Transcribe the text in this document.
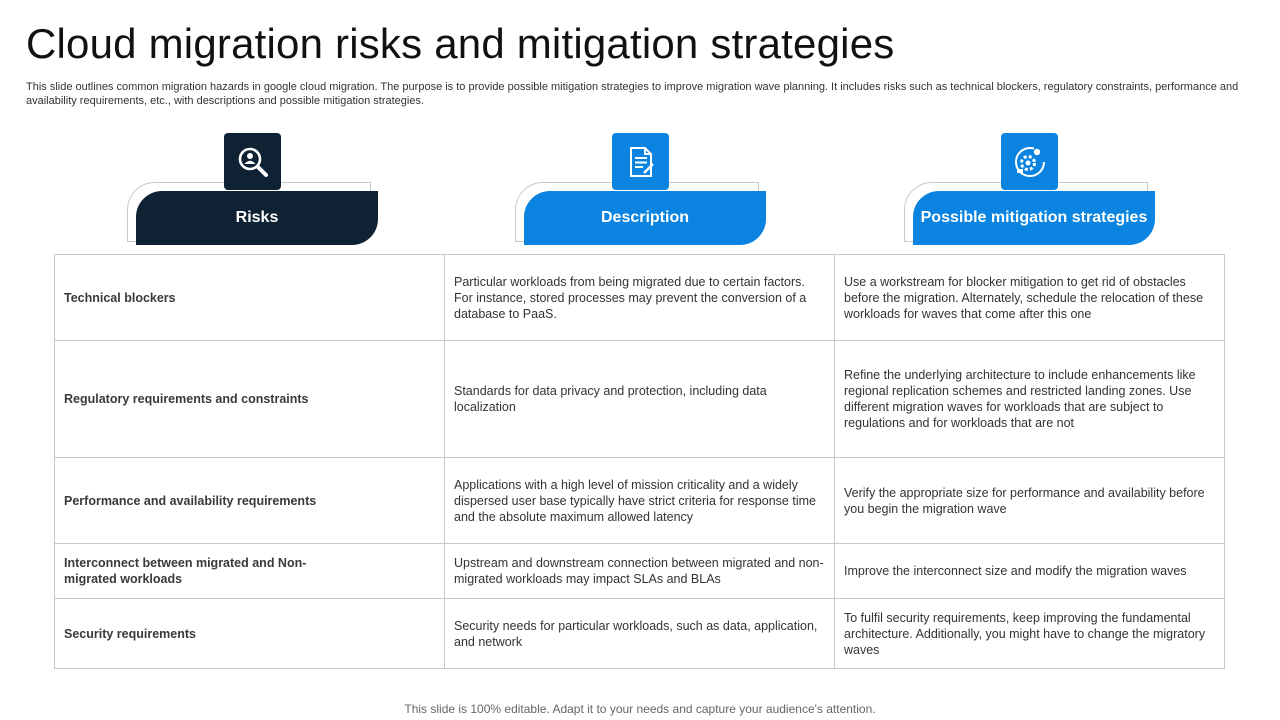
Cloud migration risks and mitigation strategies
This slide outlines common migration hazards in google cloud migration. The purpose is to provide possible mitigation strategies to improve migration wave planning. It includes risks such as technical blockers, regulatory constraints, performance and availability requirements, etc., with descriptions and possible mitigation strategies.
Risks	Description	Possible mitigation strategies
Technical blockers	Particular workloads from being migrated due to certain factors. For instance, stored processes may prevent the conversion of a database to PaaS.	Use a workstream for blocker mitigation to get rid of obstacles before the migration. Alternately, schedule the relocation of these workloads for waves that come after this one
Regulatory requirements and constraints	Standards for data privacy and protection, including data localization	Refine the underlying architecture to include enhancements like regional replication schemes and restricted landing zones. Use different migration waves for workloads that are subject to regulations and for workloads that are not
Performance and availability requirements	Applications with a high level of mission criticality and a widely dispersed user base typically have strict criteria for response time and the absolute maximum allowed latency	Verify the appropriate size for performance and availability before you begin the migration wave
Interconnect between migrated and Non-migrated workloads	Upstream and downstream connection between migrated and non-migrated workloads may impact SLAs and BLAs	Improve the interconnect size and modify the migration waves
Security requirements	Security needs for particular workloads, such as data, application, and network	To fulfil security requirements, keep improving the fundamental architecture. Additionally, you might have to change the migratory waves
This slide is 100% editable. Adapt it to your needs and capture your audience's attention.
